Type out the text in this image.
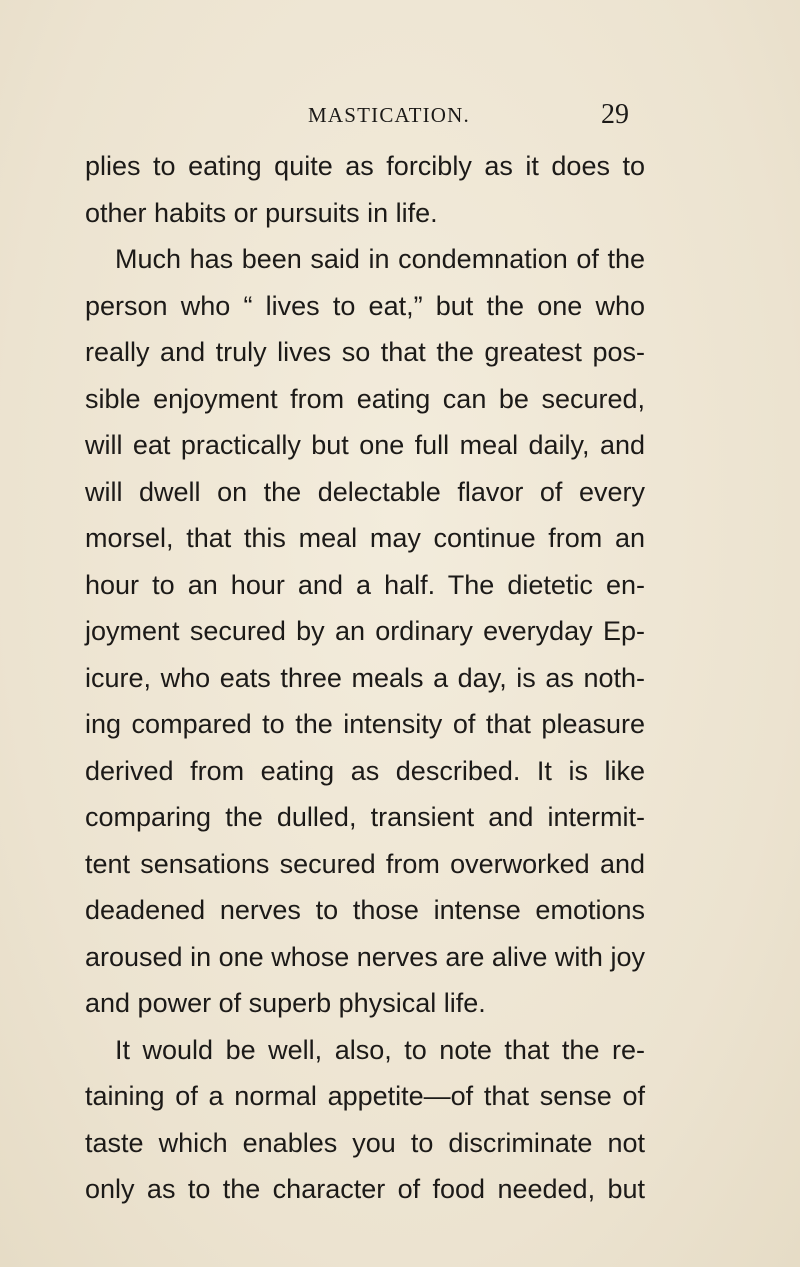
MASTICATION.	29
plies to eating quite as forcibly as it does to
other habits or pursuits in life.
Much has been said in condemnation of the
person who “ lives to eat,” but the one who
really and truly lives so that the greatest pos-
sible enjoyment from eating can be secured,
will eat practically but one full meal daily, and
will dwell on the delectable flavor of every
morsel, that this meal may continue from an
hour to an hour and a half. The dietetic en-
joyment secured by an ordinary everyday Ep-
icure, who eats three meals a day, is as noth-
ing compared to the intensity of that pleasure
derived from eating as described. It is like
comparing the dulled, transient and intermit-
tent sensations secured from overworked and
deadened nerves to those intense emotions
aroused in one whose nerves are alive with joy
and power of superb physical life.
It would be well, also, to note that the re-
taining of a normal appetite—of that sense of
taste which enables you to discriminate not
only as to the character of food needed, but
